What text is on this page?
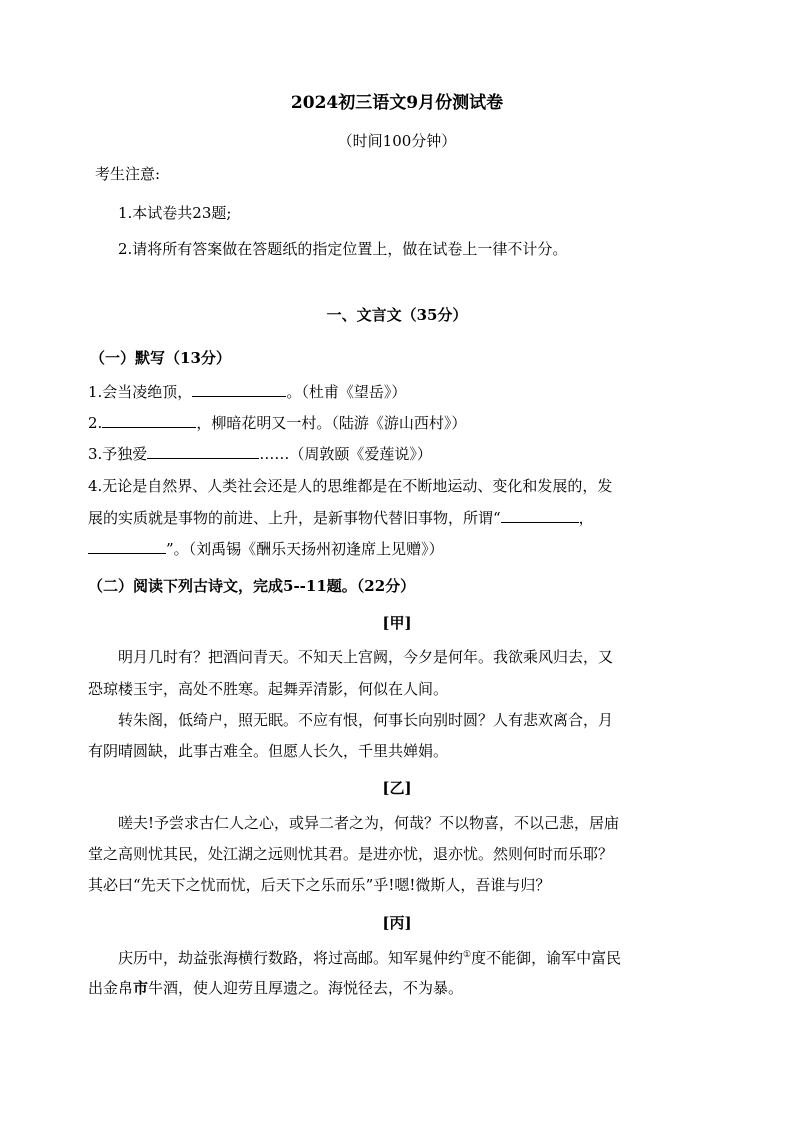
2024初三语文9月份测试卷
（时间100分钟）
考生注意:
1.本试卷共23题;
2.请将所有答案做在答题纸的指定位置上，做在试卷上一律不计分。
一、文言文（35分）
（一）默写（13分）
1.会当凌绝顶，	。（杜甫《望岳》）
2.	，柳暗花明又一村。（陆游《游山西村》）
3.予独爱	……（周敦颐《爱莲说》）
4.无论是自然界、人类社会还是人的思维都是在不断地运动、变化和发展的，发
展的实质就是事物的前进、上升，是新事物代替旧事物，所谓“	，
”。（刘禹锡《酬乐天扬州初逢席上见赠》）
（二）阅读下列古诗文，完成5--11题。（22分）
[甲]
明月几时有？把酒问青天。不知天上宫阙，今夕是何年。我欲乘风归去，又
恐琼楼玉宇，高处不胜寒。起舞弄清影，何似在人间。
转朱阁，低绮户，照无眠。不应有恨，何事长向别时圆？人有悲欢离合，月
有阴晴圆缺，此事古难全。但愿人长久，千里共婵娟。
[乙]
嗟夫!予尝求古仁人之心，或异二者之为，何哉？不以物喜，不以己悲，居庙
堂之高则忧其民，处江湖之远则忧其君。是进亦忧，退亦忧。然则何时而乐耶？
其必曰“先天下之忧而忧，后天下之乐而乐”乎!嗯!微斯人，吾谁与归？
[丙]
庆历中，劫益张海横行数路，将过高邮。知军晁仲约①度不能御，谕军中富民
出金帛市牛酒，使人迎劳且厚遗之。海悦径去，不为暴。
